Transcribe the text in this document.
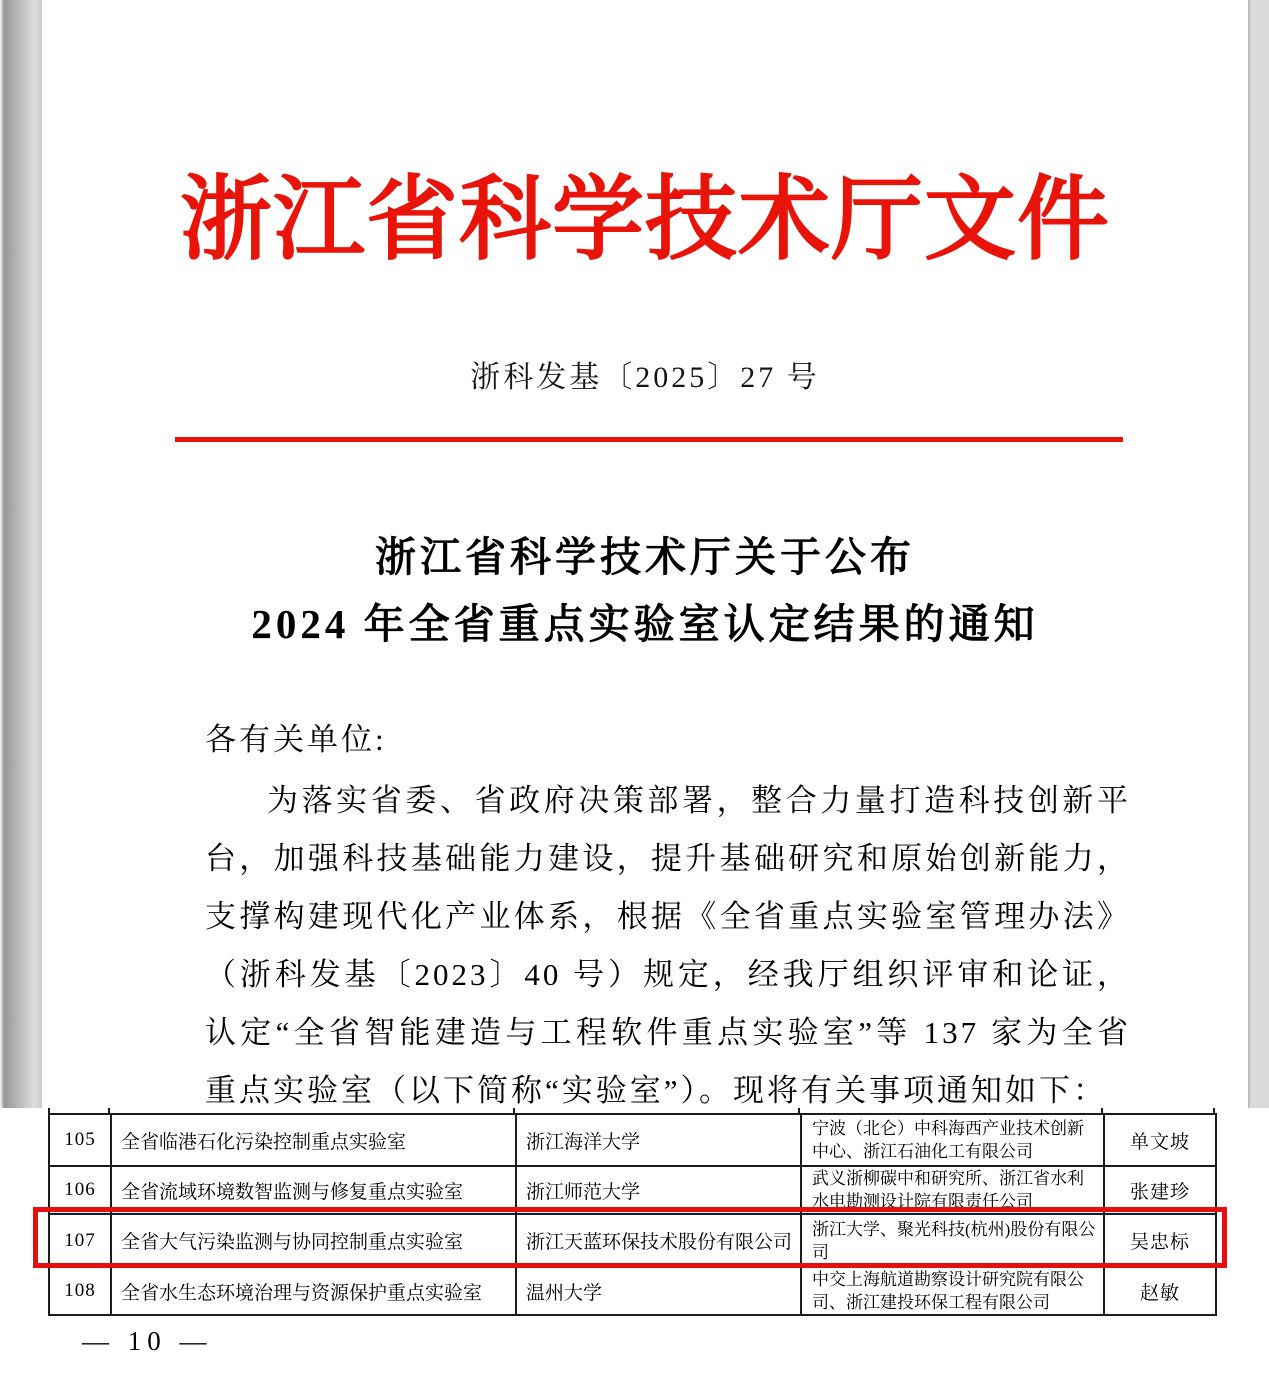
浙江省科学技术厅文件
浙科发基〔2025〕27 号
浙江省科学技术厅关于公布
2024 年全省重点实验室认定结果的通知
各有关单位:
为落实省委、省政府决策部署，整合力量打造科技创新平台，加强科技基础能力建设，提升基础研究和原始创新能力，支撑构建现代化产业体系，根据《全省重点实验室管理办法》（浙科发基〔2023〕40 号）规定，经我厅组织评审和论证，认定“全省智能建造与工程软件重点实验室”等 137 家为全省重点实验室（以下简称“实验室”）。现将有关事项通知如下：
105	全省临港石化污染控制重点实验室	浙江海洋大学	宁波（北仑）中科海西产业技术创新中心、浙江石油化工有限公司	单文坡
106	全省流域环境数智监测与修复重点实验室	浙江师范大学	武义浙柳碳中和研究所、浙江省水利水电勘测设计院有限责任公司	张建珍
107	全省大气污染监测与协同控制重点实验室	浙江天蓝环保技术股份有限公司	浙江大学、聚光科技(杭州)股份有限公司	吴忠标
108	全省水生态环境治理与资源保护重点实验室	温州大学	中交上海航道勘察设计研究院有限公司、浙江建投环保工程有限公司	赵敏
— 10 —
